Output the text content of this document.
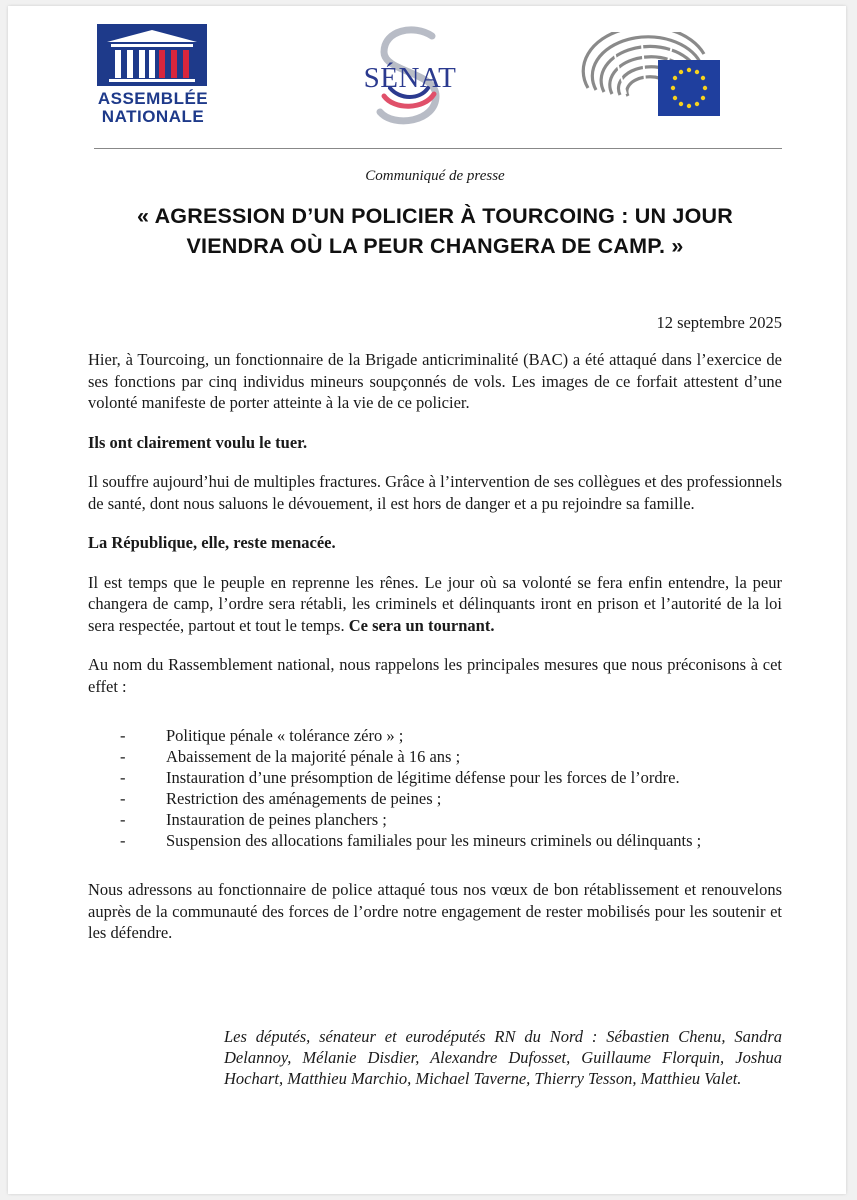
ASSEMBLÉE
NATIONALE
SÉNAT

Communiqué de presse

« AGRESSION D’UN POLICIER À TOURCOING : UN JOUR VIENDRA OÙ LA PEUR CHANGERA DE CAMP. »

12 septembre 2025

Hier, à Tourcoing, un fonctionnaire de la Brigade anticriminalité (BAC) a été attaqué dans l’exercice de ses fonctions par cinq individus mineurs soupçonnés de vols. Les images de ce forfait attestent d’une volonté manifeste de porter atteinte à la vie de ce policier.

Ils ont clairement voulu le tuer.

Il souffre aujourd’hui de multiples fractures. Grâce à l’intervention de ses collègues et des professionnels de santé, dont nous saluons le dévouement, il est hors de danger et a pu rejoindre sa famille.

La République, elle, reste menacée.

Il est temps que le peuple en reprenne les rênes. Le jour où sa volonté se fera enfin entendre, la peur changera de camp, l’ordre sera rétabli, les criminels et délinquants iront en prison et l’autorité de la loi sera respectée, partout et tout le temps. Ce sera un tournant.

Au nom du Rassemblement national, nous rappelons les principales mesures que nous préconisons à cet effet :

- Politique pénale « tolérance zéro » ;
- Abaissement de la majorité pénale à 16 ans ;
- Instauration d’une présomption de légitime défense pour les forces de l’ordre.
- Restriction des aménagements de peines ;
- Instauration de peines planchers ;
- Suspension des allocations familiales pour les mineurs criminels ou délinquants ;

Nous adressons au fonctionnaire de police attaqué tous nos vœux de bon rétablissement et renouvelons auprès de la communauté des forces de l’ordre notre engagement de rester mobilisés pour les soutenir et les défendre.

Les députés, sénateur et eurodéputés RN du Nord : Sébastien Chenu, Sandra Delannoy, Mélanie Disdier, Alexandre Dufosset, Guillaume Florquin, Joshua Hochart, Matthieu Marchio, Michael Taverne, Thierry Tesson, Matthieu Valet.
